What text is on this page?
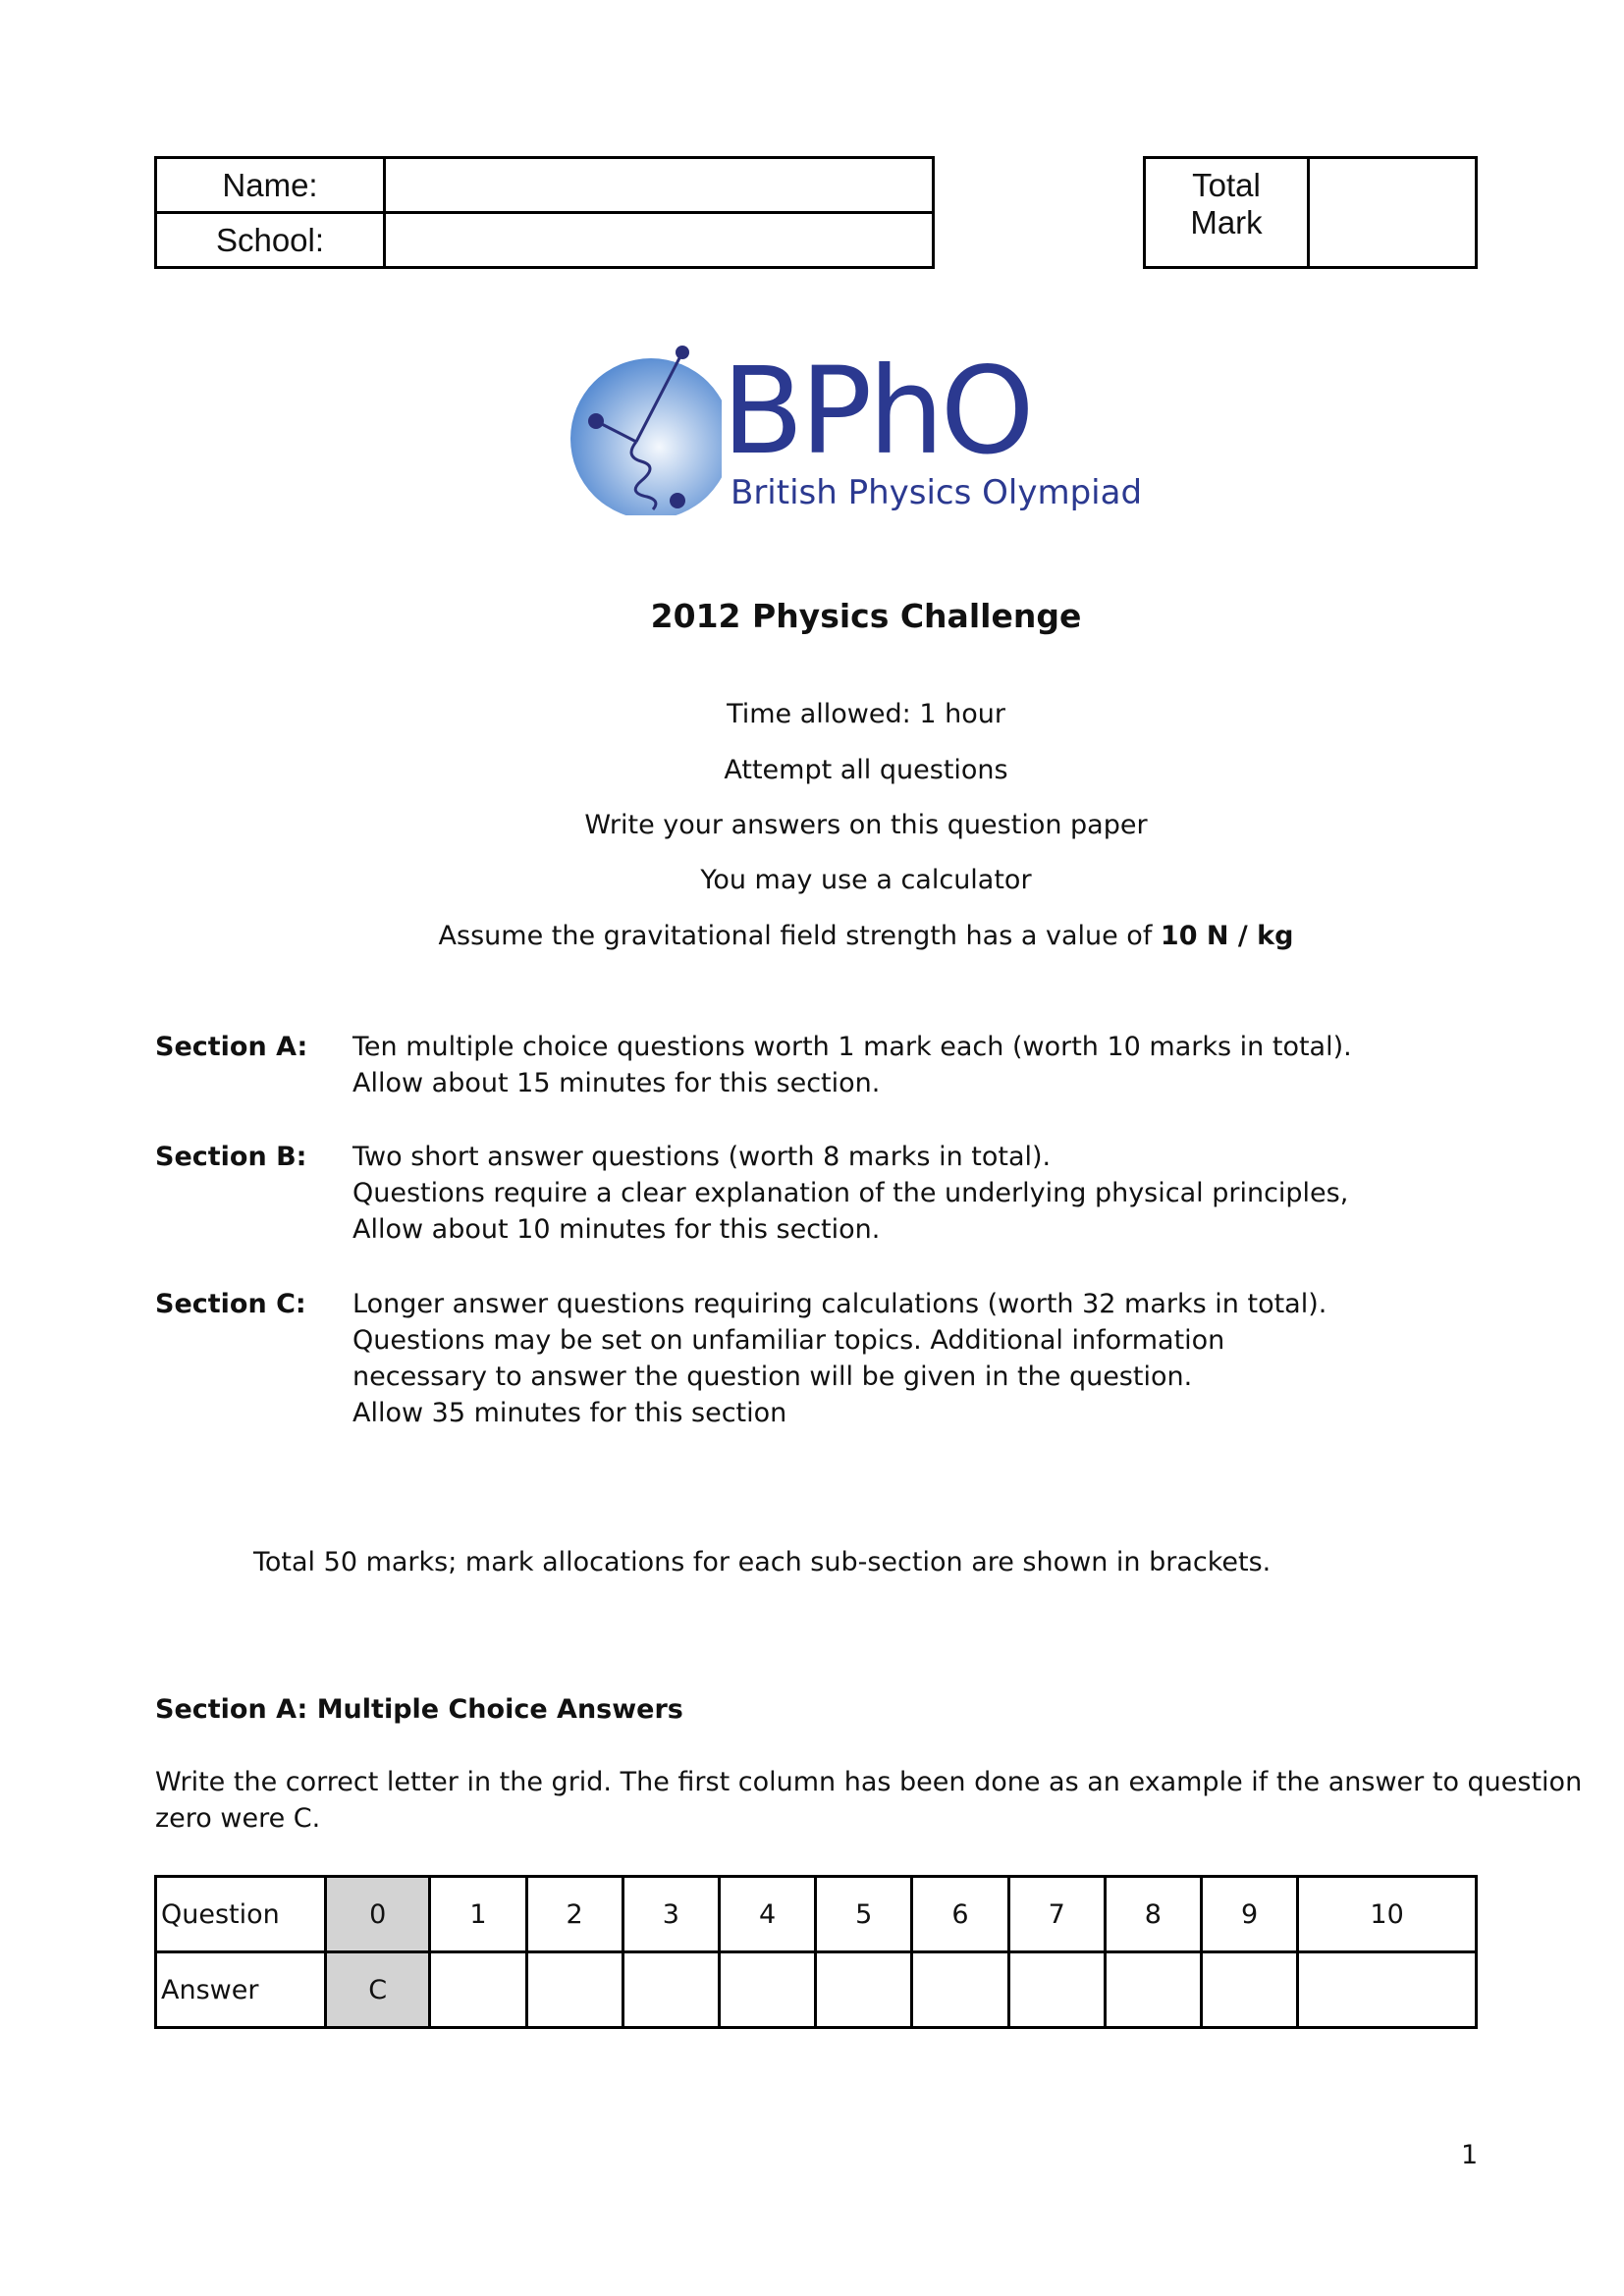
Name:	
School:	
Total
Mark	
BPhO
British Physics Olympiad
2012 Physics Challenge
Time allowed: 1 hour
Attempt all questions
Write your answers on this question paper
You may use a calculator
Assume the gravitational field strength has a value of 10 N / kg
Section A: Ten multiple choice questions worth 1 mark each (worth 10 marks in total).
Allow about 15 minutes for this section.
Section B: Two short answer questions (worth 8 marks in total).
Questions require a clear explanation of the underlying physical principles,
Allow about 10 minutes for this section.
Section C: Longer answer questions requiring calculations (worth 32 marks in total).
Questions may be set on unfamiliar topics. Additional information
necessary to answer the question will be given in the question.
Allow 35 minutes for this section
Total 50 marks; mark allocations for each sub-section are shown in brackets.
Section A: Multiple Choice Answers
Write the correct letter in the grid. The first column has been done as an example if the answer to question
zero were C.
Question	0	1	2	3	4	5	6	7	8	9	10
Answer	C										
1
